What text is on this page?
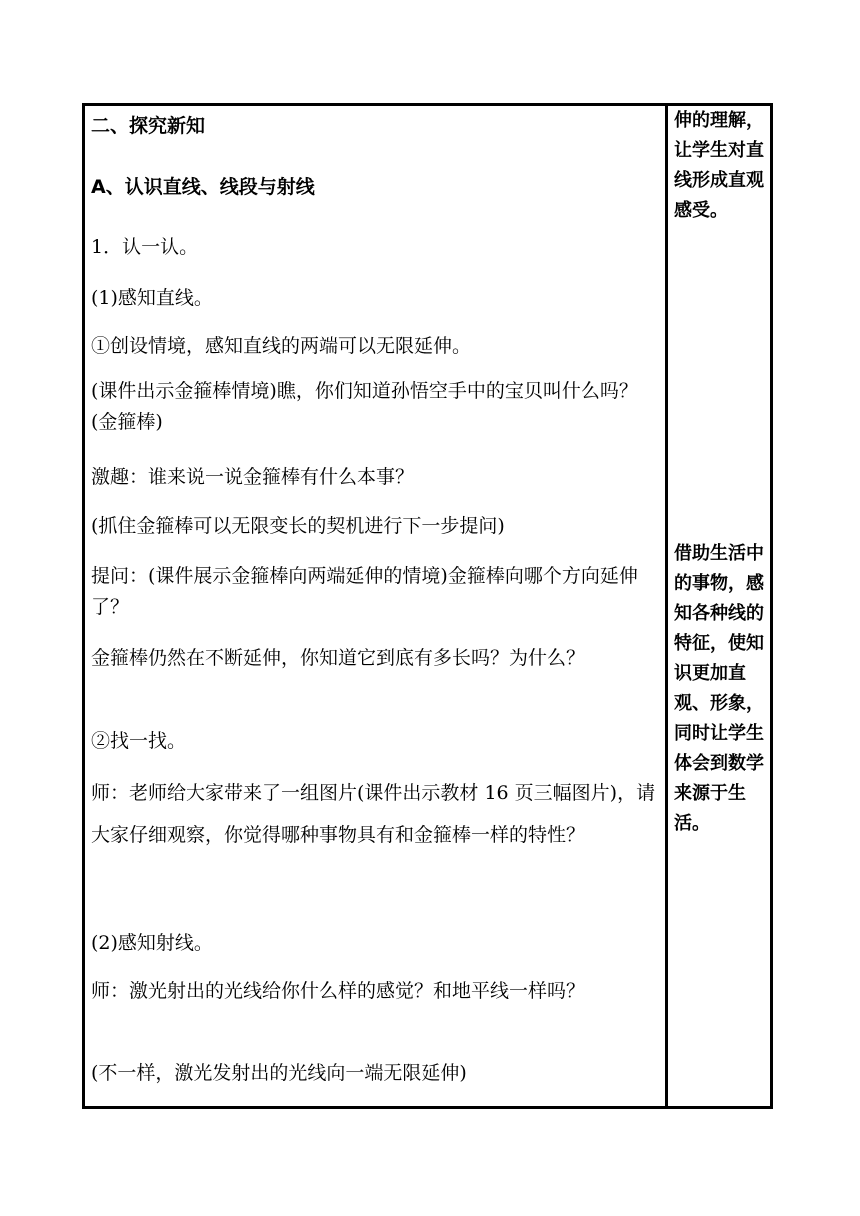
二、探究新知
A、认识直线、线段与射线
1．认一认。
(1)感知直线。
①创设情境，感知直线的两端可以无限延伸。
(课件出示金箍棒情境)瞧，你们知道孙悟空手中的宝贝叫什么吗？(金箍棒)
激趣：谁来说一说金箍棒有什么本事？
(抓住金箍棒可以无限变长的契机进行下一步提问)
提问：(课件展示金箍棒向两端延伸的情境)金箍棒向哪个方向延伸了？
金箍棒仍然在不断延伸，你知道它到底有多长吗？为什么？
②找一找。
师：老师给大家带来了一组图片(课件出示教材 16 页三幅图片)，请大家仔细观察，你觉得哪种事物具有和金箍棒一样的特性？
(2)感知射线。
师：激光射出的光线给你什么样的感觉？和地平线一样吗？
(不一样，激光发射出的光线向一端无限延伸)
伸的理解，让学生对直线形成直观感受。
借助生活中的事物，感知各种线的特征，使知识更加直观、形象，同时让学生体会到数学来源于生活。
